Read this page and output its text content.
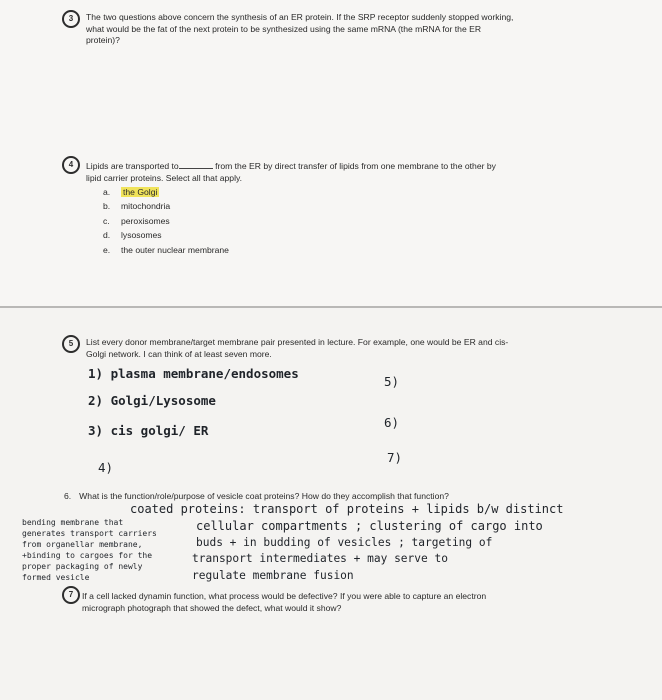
3	The two questions above concern the synthesis of an ER protein. If the SRP receptor suddenly stopped working,
what would be the fat of the next protein to be synthesized using the same mRNA (the mRNA for the ER
protein)?
4	Lipids are transported to	from the ER by direct transfer of lipids from one membrane to the other by
lipid carrier proteins. Select all that apply.
a. the Golgi
b. mitochondria
c. peroxisomes
d. lysosomes
e. the outer nuclear membrane
5	List every donor membrane/target membrane pair presented in lecture. For example, one would be ER and cis-
Golgi network. I can think of at least seven more.
1) plasma membrane/endosomes
2) Golgi/Lysosome
3) cis golgi/ ER
4)
5)
6)
7)
6. What is the function/role/purpose of vesicle coat proteins? How do they accomplish that function?
coated proteins: transport of proteins + lipids b/w distinct
cellular compartments ; clustering of cargo into
buds + in budding of vesicles ; targeting of
transport intermediates + may serve to
regulate membrane fusion
bending membrane that
generates transport carriers
from organellar membrane,
+binding to cargoes for the
proper packaging of newly
formed vesicle
7	If a cell lacked dynamin function, what process would be defective? If you were able to capture an electron
micrograph photograph that showed the defect, what would it show?
